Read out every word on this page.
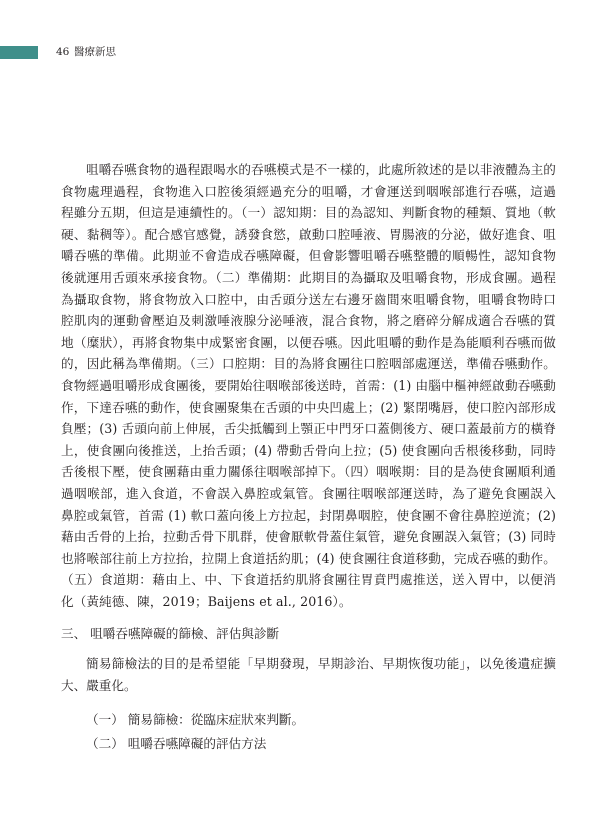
46 醫療新思

咀嚼吞嚥食物的過程跟喝水的吞嚥模式是不一樣的，此處所敘述的是以非液體為主的食物處理過程，食物進入口腔後須經過充分的咀嚼，才會運送到咽喉部進行吞嚥，這過程雖分五期，但這是連續性的。（一）認知期：目的為認知、判斷食物的種類、質地（軟硬、黏稠等）。配合感官感覺，誘發食慾，啟動口腔唾液、胃腸液的分泌，做好進食、咀嚼吞嚥的準備。此期並不會造成吞嚥障礙，但會影響咀嚼吞嚥整體的順暢性，認知食物後就運用舌頭來承接食物。（二）準備期：此期目的為攝取及咀嚼食物，形成食團。過程為攝取食物，將食物放入口腔中，由舌頭分送左右邊牙齒間來咀嚼食物，咀嚼食物時口腔肌肉的運動會壓迫及刺激唾液腺分泌唾液，混合食物，將之磨碎分解成適合吞嚥的質地（糜狀），再將食物集中成緊密食團，以便吞嚥。因此咀嚼的動作是為能順利吞嚥而做的，因此稱為準備期。（三）口腔期：目的為將食團往口腔咽部處運送，準備吞嚥動作。食物經過咀嚼形成食團後，要開始往咽喉部後送時，首需：(1) 由腦中樞神經啟動吞嚥動作，下達吞嚥的動作，使食團聚集在舌頭的中央凹處上；(2) 緊閉嘴唇，使口腔內部形成負壓；(3) 舌頭向前上伸展，舌尖抵觸到上顎正中門牙口蓋側後方、硬口蓋最前方的橫脊上，使食團向後推送，上抬舌頭；(4) 帶動舌骨向上拉；(5) 使食團向舌根後移動，同時舌後根下壓，使食團藉由重力關係往咽喉部掉下。（四）咽喉期：目的是為使食團順利通過咽喉部，進入食道，不會誤入鼻腔或氣管。食團往咽喉部運送時，為了避免食團誤入鼻腔或氣管，首需 (1) 軟口蓋向後上方拉起，封閉鼻咽腔，使食團不會往鼻腔逆流；(2) 藉由舌骨的上抬，拉動舌骨下肌群，使會厭軟骨蓋住氣管，避免食團誤入氣管；(3) 同時也將喉部往前上方拉抬，拉開上食道括約肌；(4) 使食團往食道移動，完成吞嚥的動作。（五）食道期：藉由上、中、下食道括約肌將食團往胃賁門處推送，送入胃中，以便消化（黃純德、陳，2019；Baijens et al., 2016）。

三、 咀嚼吞嚥障礙的篩檢、評估與診斷
簡易篩檢法的目的是希望能「早期發現，早期診治、早期恢復功能」，以免後遺症擴大、嚴重化。
（一） 簡易篩檢：從臨床症狀來判斷。
（二） 咀嚼吞嚥障礙的評估方法
